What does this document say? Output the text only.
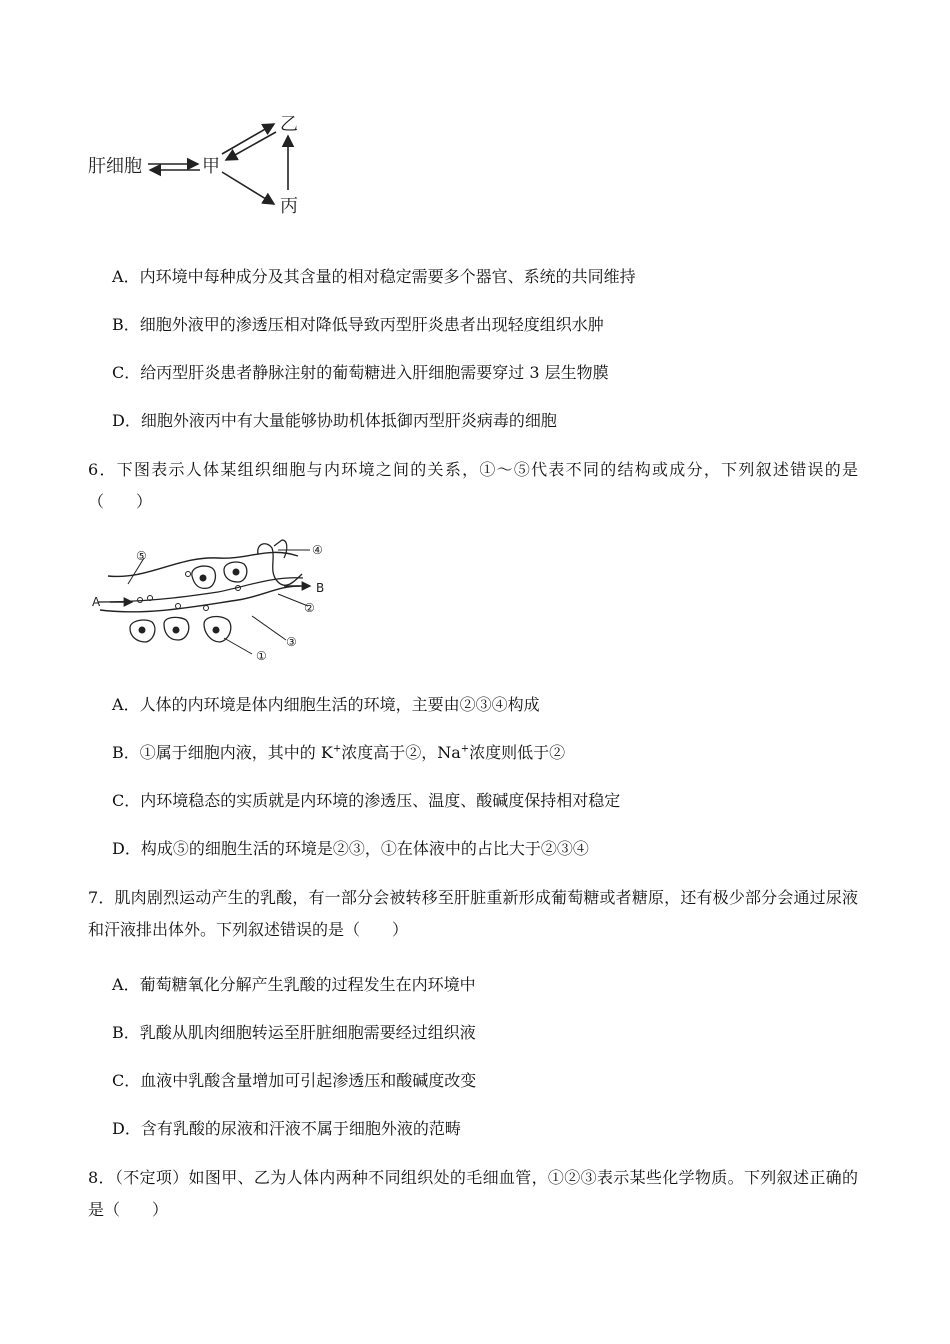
肝细胞	甲
乙
丙
A．内环境中每种成分及其含量的相对稳定需要多个器官、系统的共同维持
B．细胞外液甲的渗透压相对降低导致丙型肝炎患者出现轻度组织水肿
C．给丙型肝炎患者静脉注射的葡萄糖进入肝细胞需要穿过 3 层生物膜
D．细胞外液丙中有大量能够协助机体抵御丙型肝炎病毒的细胞
6．下图表示人体某组织细胞与内环境之间的关系，①～⑤代表不同的结构或成分，下列叙述错误的是（　　）
⑤	④
B
②
③
A
①
A．人体的内环境是体内细胞生活的环境，主要由②③④构成
B．①属于细胞内液，其中的 K+浓度高于②，Na+浓度则低于②
C．内环境稳态的实质就是内环境的渗透压、温度、酸碱度保持相对稳定
D．构成⑤的细胞生活的环境是②③，①在体液中的占比大于②③④
7．肌肉剧烈运动产生的乳酸，有一部分会被转移至肝脏重新形成葡萄糖或者糖原，还有极少部分会通过尿液和汗液排出体外。下列叙述错误的是（　　）
A．葡萄糖氧化分解产生乳酸的过程发生在内环境中
B．乳酸从肌肉细胞转运至肝脏细胞需要经过组织液
C．血液中乳酸含量增加可引起渗透压和酸碱度改变
D．含有乳酸的尿液和汗液不属于细胞外液的范畴
8．（不定项）如图甲、乙为人体内两种不同组织处的毛细血管，①②③表示某些化学物质。下列叙述正确的是（　　）
